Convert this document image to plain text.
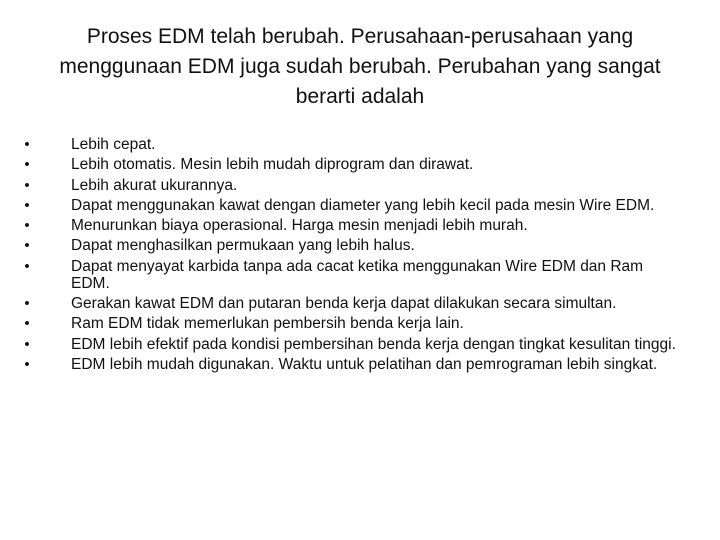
Proses EDM telah berubah. Perusahaan-perusahaan yang menggunaan EDM juga sudah berubah. Perubahan yang sangat berarti adalah
•	Lebih cepat.
•	Lebih otomatis. Mesin lebih mudah diprogram dan dirawat.
•	Lebih akurat ukurannya.
•	Dapat menggunakan kawat dengan diameter yang lebih kecil pada mesin Wire EDM.
•	Menurunkan biaya operasional. Harga mesin menjadi lebih murah.
•	Dapat menghasilkan permukaan yang lebih halus.
•	Dapat menyayat karbida tanpa ada cacat ketika menggunakan Wire EDM dan Ram EDM.
•	Gerakan kawat EDM dan putaran benda kerja dapat dilakukan secara simultan.
•	Ram EDM tidak memerlukan pembersih benda kerja lain.
•	EDM lebih efektif pada kondisi pembersihan benda kerja dengan tingkat kesulitan tinggi.
•	EDM lebih mudah digunakan. Waktu untuk pelatihan dan pemrograman lebih singkat.
